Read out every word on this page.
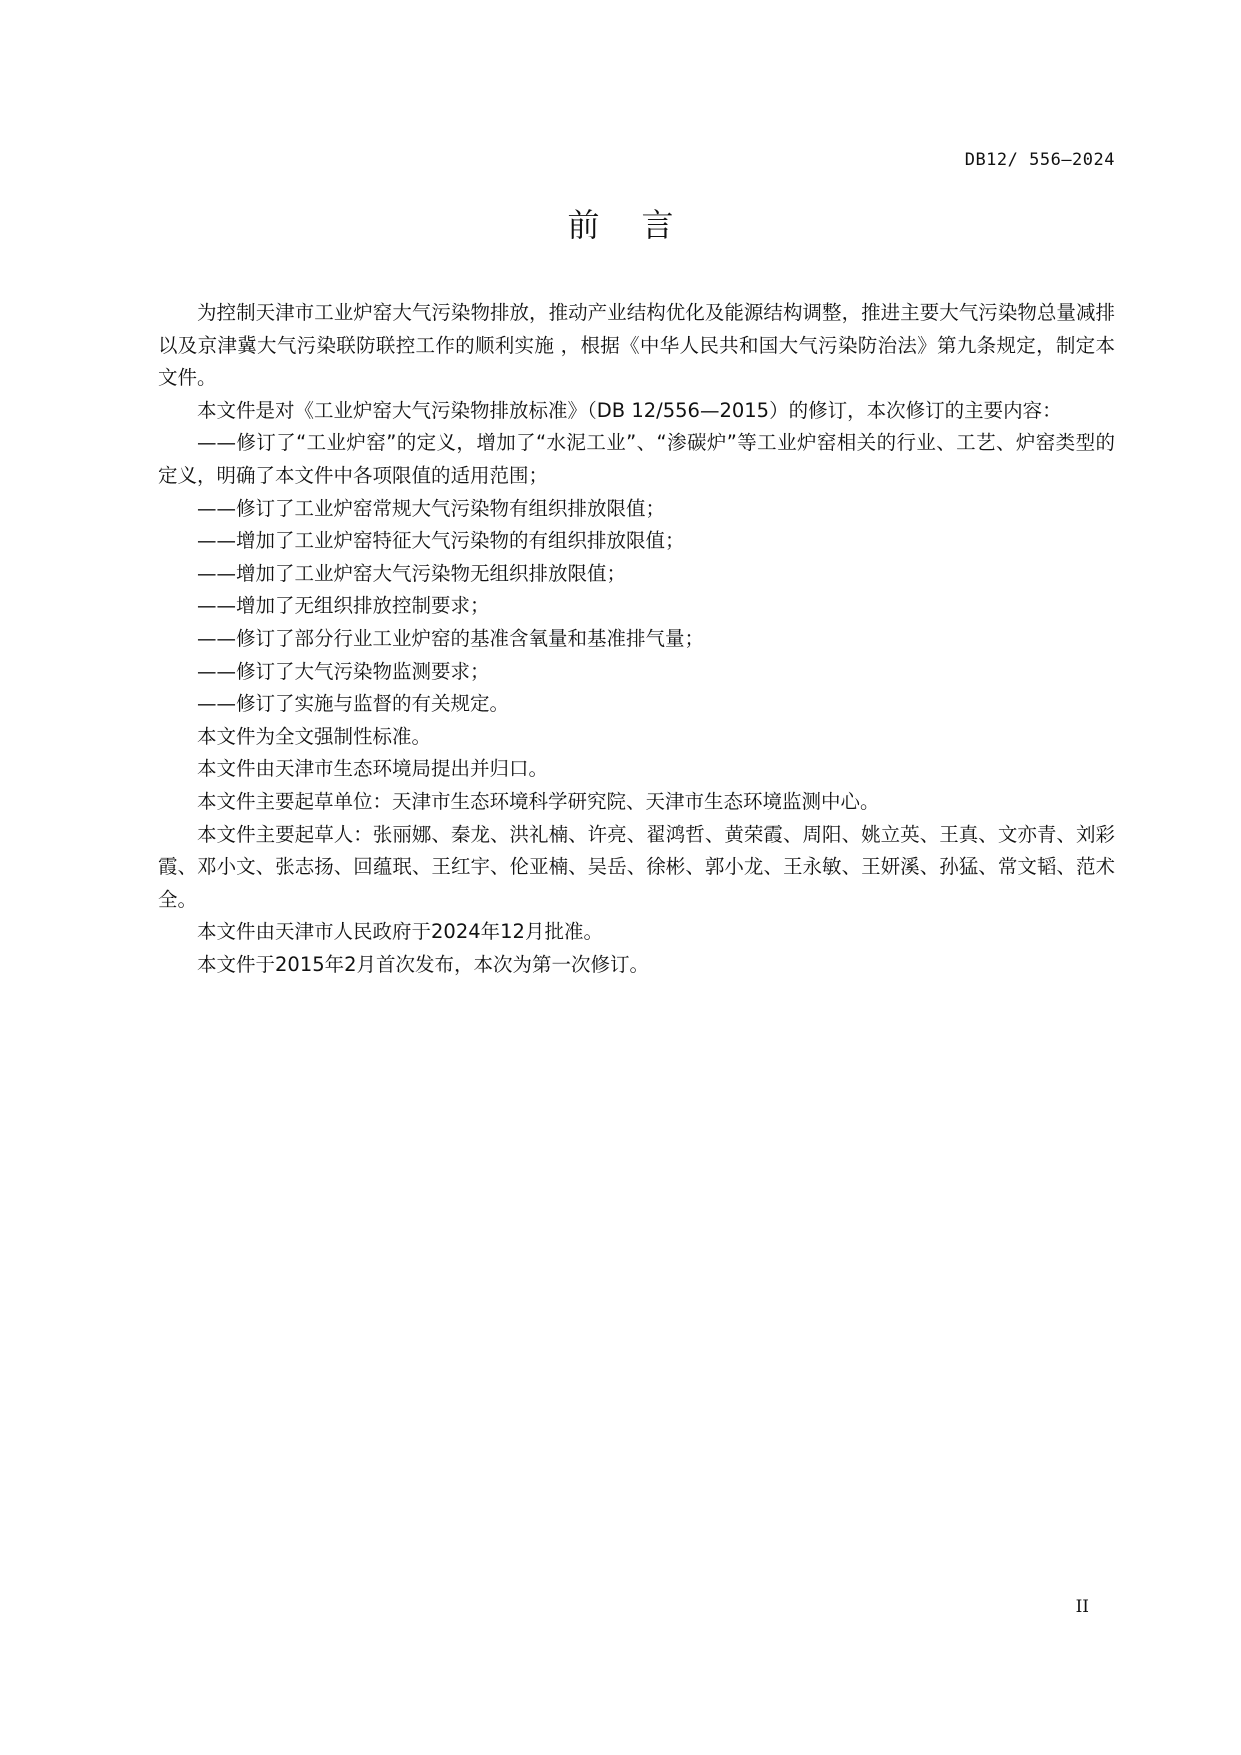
DB12/ 556—2024
前言

为控制天津市工业炉窑大气污染物排放，推动产业结构优化及能源结构调整，推进主要大气污染物总量减排以及京津冀大气污染联防联控工作的顺利实施 ，根据《中华人民共和国大气污染防治法》第九条规定，制定本文件。

本文件是对《工业炉窑大气污染物排放标准》（DB 12/556—2015）的修订，本次修订的主要内容：

——修订了“工业炉窑”的定义，增加了“水泥工业”、“渗碳炉”等工业炉窑相关的行业、工艺、炉窑类型的定义，明确了本文件中各项限值的适用范围；

——修订了工业炉窑常规大气污染物有组织排放限值；

——增加了工业炉窑特征大气污染物的有组织排放限值；

——增加了工业炉窑大气污染物无组织排放限值；

——增加了无组织排放控制要求；

——修订了部分行业工业炉窑的基准含氧量和基准排气量；

——修订了大气污染物监测要求；

——修订了实施与监督的有关规定。

本文件为全文强制性标准。

本文件由天津市生态环境局提出并归口。

本文件主要起草单位：天津市生态环境科学研究院、天津市生态环境监测中心。

本文件主要起草人：张丽娜、秦龙、洪礼楠、许亮、翟鸿哲、黄荣霞、周阳、姚立英、王真、文亦青、刘彩霞、邓小文、张志扬、回蕴珉、王红宇、伦亚楠、吴岳、徐彬、郭小龙、王永敏、王妍溪、孙猛、常文韬、范术全。

本文件由天津市人民政府于2024年12月批准。

本文件于2015年2月首次发布，本次为第一次修订。

II
